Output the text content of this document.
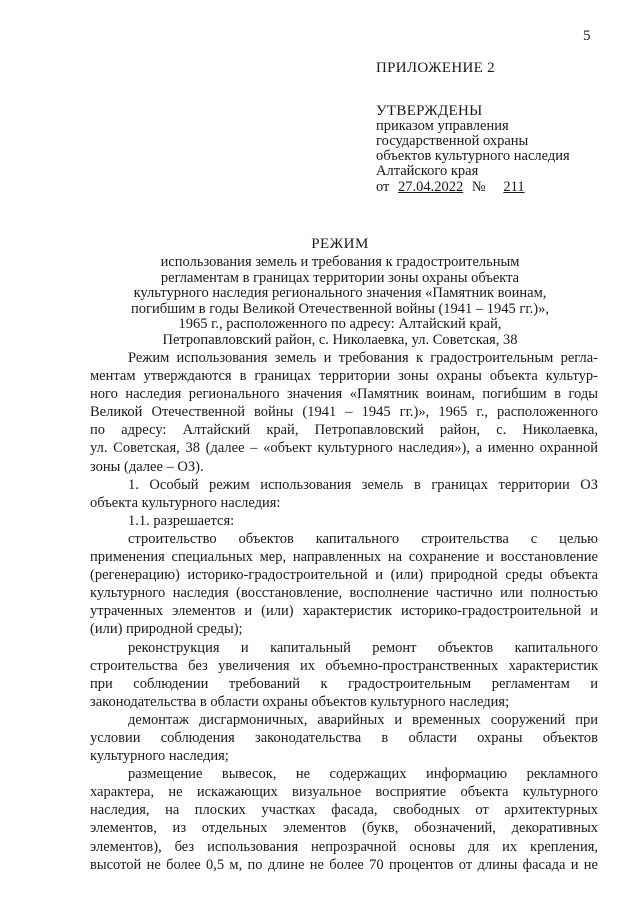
5
ПРИЛОЖЕНИЕ 2
УТВЕРЖДЕНЫ
приказом управления
государственной охраны
объектов культурного наследия
Алтайского края
от 27.04.2022 № 211
РЕЖИМ
использования земель и требования к градостроительным
регламентам в границах территории зоны охраны объекта
культурного наследия регионального значения «Памятник воинам,
погибшим в годы Великой Отечественной войны (1941 – 1945 гг.)»,
1965 г., расположенного по адресу: Алтайский край,
Петропавловский район, с. Николаевка, ул. Советская, 38
Режим использования земель и требования к градостроительным регла-
ментам утверждаются в границах территории зоны охраны объекта культур-
ного наследия регионального значения «Памятник воинам, погибшим в годы
Великой Отечественной войны (1941 – 1945 гг.)», 1965 г., расположенного
по адресу: Алтайский край, Петропавловский район, с. Николаевка,
ул. Советская, 38 (далее – «объект культурного наследия»), а именно охранной
зоны (далее – ОЗ).
1. Особый режим использования земель в границах территории ОЗ
объекта культурного наследия:
1.1. разрешается:
строительство объектов капитального строительства с целью
применения специальных мер, направленных на сохранение и восстановление
(регенерацию) историко-градостроительной и (или) природной среды объекта
культурного наследия (восстановление, восполнение частично или полностью
утраченных элементов и (или) характеристик историко-градостроительной и
(или) природной среды);
реконструкция и капитальный ремонт объектов капитального
строительства без увеличения их объемно-пространственных характеристик
при соблюдении требований к градостроительным регламентам и
законодательства в области охраны объектов культурного наследия;
демонтаж дисгармоничных, аварийных и временных сооружений при
условии соблюдения законодательства в области охраны объектов
культурного наследия;
размещение вывесок, не содержащих информацию рекламного
характера, не искажающих визуальное восприятие объекта культурного
наследия, на плоских участках фасада, свободных от архитектурных
элементов, из отдельных элементов (букв, обозначений, декоративных
элементов), без использования непрозрачной основы для их крепления,
высотой не более 0,5 м, по длине не более 70 процентов от длины фасада и не
